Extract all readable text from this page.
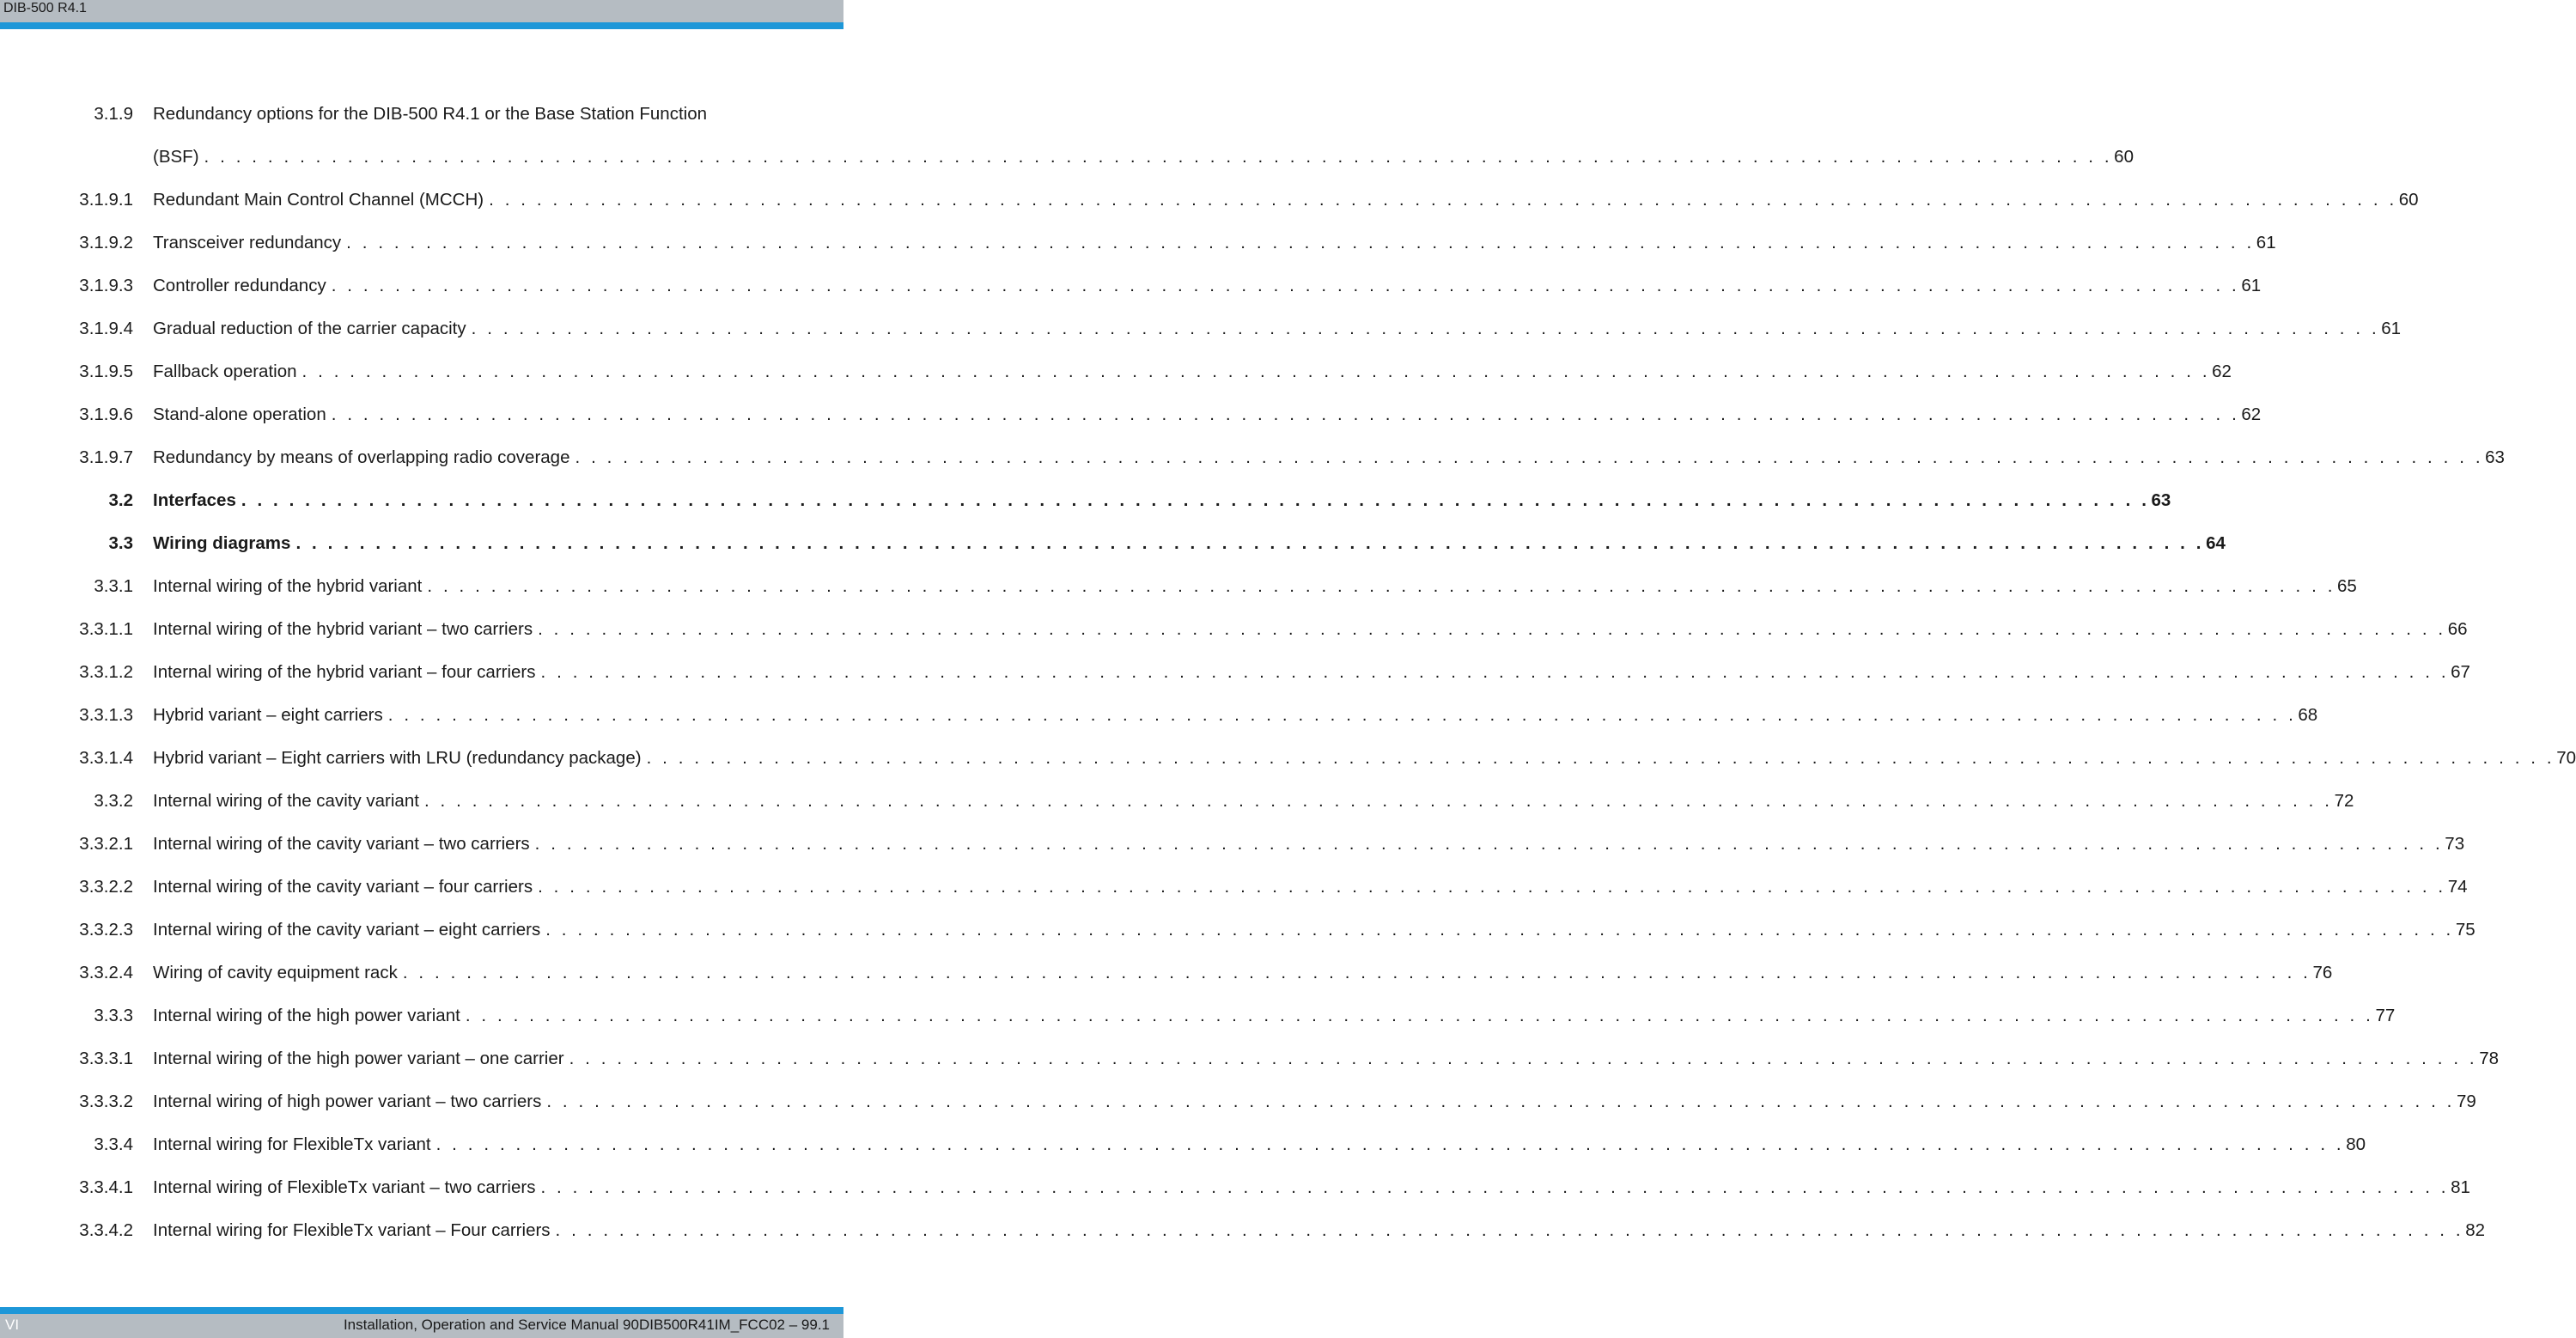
DIB-500 R4.1
3.1.9 Redundancy options for the DIB-500 R4.1 or the Base Station Function
(BSF) . . . . . . . . . . . . . . . . . . . . . . . . . . . . . . . . . . . . . . . . . . . . . . . . . . . . . . . . . . . . . . . . . . . . . . . . . . . . . . . . . . . . . . . . . . . . . . . . . . . . . . . . . . . . . . . . . . . . . . . . 60
3.1.9.1 Redundant Main Control Channel (MCCH) . . . . . . . . . . . . . . . . . . . . . . . . . . . . . . . . . . . . . . . . . . . . . . . . . . . . . . . . . . . . . . . . . . . . . . . . . . . . . . . . . . . . . . . . . . . . . . . . . . . . . . . . . . . . . . . . . . . . . . . . 60
3.1.9.2 Transceiver redundancy . . . . . . . . . . . . . . . . . . . . . . . . . . . . . . . . . . . . . . . . . . . . . . . . . . . . . . . . . . . . . . . . . . . . . . . . . . . . . . . . . . . . . . . . . . . . . . . . . . . . . . . . . . . . . . . . . . . . . . . . 61
3.1.9.3 Controller redundancy . . . . . . . . . . . . . . . . . . . . . . . . . . . . . . . . . . . . . . . . . . . . . . . . . . . . . . . . . . . . . . . . . . . . . . . . . . . . . . . . . . . . . . . . . . . . . . . . . . . . . . . . . . . . . . . . . . . . . . . . 61
3.1.9.4 Gradual reduction of the carrier capacity . . . . . . . . . . . . . . . . . . . . . . . . . . . . . . . . . . . . . . . . . . . . . . . . . . . . . . . . . . . . . . . . . . . . . . . . . . . . . . . . . . . . . . . . . . . . . . . . . . . . . . . . . . . . . . . . . . . . . . . . 61
3.1.9.5 Fallback operation . . . . . . . . . . . . . . . . . . . . . . . . . . . . . . . . . . . . . . . . . . . . . . . . . . . . . . . . . . . . . . . . . . . . . . . . . . . . . . . . . . . . . . . . . . . . . . . . . . . . . . . . . . . . . . . . . . . . . . . . 62
3.1.9.6 Stand-alone operation . . . . . . . . . . . . . . . . . . . . . . . . . . . . . . . . . . . . . . . . . . . . . . . . . . . . . . . . . . . . . . . . . . . . . . . . . . . . . . . . . . . . . . . . . . . . . . . . . . . . . . . . . . . . . . . . . . . . . . . . 62
3.1.9.7 Redundancy by means of overlapping radio coverage . . . . . . . . . . . . . . . . . . . . . . . . . . . . . . . . . . . . . . . . . . . . . . . . . . . . . . . . . . . . . . . . . . . . . . . . . . . . . . . . . . . . . . . . . . . . . . . . . . . . . . . . . . . . . . . . . . . . . . . . 63
3.2 Interfaces . . . . . . . . . . . . . . . . . . . . . . . . . . . . . . . . . . . . . . . . . . . . . . . . . . . . . . . . . . . . . . . . . . . . . . . . . . . . . . . . . . . . . . . . . . . . . . . . . . . . . . . . . . . . . . . . . . . . . . . . 63
3.3 Wiring diagrams . . . . . . . . . . . . . . . . . . . . . . . . . . . . . . . . . . . . . . . . . . . . . . . . . . . . . . . . . . . . . . . . . . . . . . . . . . . . . . . . . . . . . . . . . . . . . . . . . . . . . . . . . . . . . . . . . . . . . . . . 64
3.3.1 Internal wiring of the hybrid variant . . . . . . . . . . . . . . . . . . . . . . . . . . . . . . . . . . . . . . . . . . . . . . . . . . . . . . . . . . . . . . . . . . . . . . . . . . . . . . . . . . . . . . . . . . . . . . . . . . . . . . . . . . . . . . . . . . . . . . . . 65
3.3.1.1 Internal wiring of the hybrid variant – two carriers . . . . . . . . . . . . . . . . . . . . . . . . . . . . . . . . . . . . . . . . . . . . . . . . . . . . . . . . . . . . . . . . . . . . . . . . . . . . . . . . . . . . . . . . . . . . . . . . . . . . . . . . . . . . . . . . . . . . . . . . 66
3.3.1.2 Internal wiring of the hybrid variant – four carriers . . . . . . . . . . . . . . . . . . . . . . . . . . . . . . . . . . . . . . . . . . . . . . . . . . . . . . . . . . . . . . . . . . . . . . . . . . . . . . . . . . . . . . . . . . . . . . . . . . . . . . . . . . . . . . . . . . . . . . . . 67
3.3.1.3 Hybrid variant – eight carriers . . . . . . . . . . . . . . . . . . . . . . . . . . . . . . . . . . . . . . . . . . . . . . . . . . . . . . . . . . . . . . . . . . . . . . . . . . . . . . . . . . . . . . . . . . . . . . . . . . . . . . . . . . . . . . . . . . . . . . . . 68
3.3.1.4 Hybrid variant – Eight carriers with LRU (redundancy package) . . . . . . . . . . . . . . . . . . . . . . . . . . . . . . . . . . . . . . . . . . . . . . . . . . . . . . . . . . . . . . . . . . . . . . . . . . . . . . . . . . . . . . . . . . . . . . . . . . . . . . . . . . . . . . . . . . . . . . . . 70
3.3.2 Internal wiring of the cavity variant . . . . . . . . . . . . . . . . . . . . . . . . . . . . . . . . . . . . . . . . . . . . . . . . . . . . . . . . . . . . . . . . . . . . . . . . . . . . . . . . . . . . . . . . . . . . . . . . . . . . . . . . . . . . . . . . . . . . . . . . 72
3.3.2.1 Internal wiring of the cavity variant – two carriers . . . . . . . . . . . . . . . . . . . . . . . . . . . . . . . . . . . . . . . . . . . . . . . . . . . . . . . . . . . . . . . . . . . . . . . . . . . . . . . . . . . . . . . . . . . . . . . . . . . . . . . . . . . . . . . . . . . . . . . . 73
3.3.2.2 Internal wiring of the cavity variant – four carriers . . . . . . . . . . . . . . . . . . . . . . . . . . . . . . . . . . . . . . . . . . . . . . . . . . . . . . . . . . . . . . . . . . . . . . . . . . . . . . . . . . . . . . . . . . . . . . . . . . . . . . . . . . . . . . . . . . . . . . . . 74
3.3.2.3 Internal wiring of the cavity variant – eight carriers . . . . . . . . . . . . . . . . . . . . . . . . . . . . . . . . . . . . . . . . . . . . . . . . . . . . . . . . . . . . . . . . . . . . . . . . . . . . . . . . . . . . . . . . . . . . . . . . . . . . . . . . . . . . . . . . . . . . . . . . 75
3.3.2.4 Wiring of cavity equipment rack . . . . . . . . . . . . . . . . . . . . . . . . . . . . . . . . . . . . . . . . . . . . . . . . . . . . . . . . . . . . . . . . . . . . . . . . . . . . . . . . . . . . . . . . . . . . . . . . . . . . . . . . . . . . . . . . . . . . . . . . 76
3.3.3 Internal wiring of the high power variant . . . . . . . . . . . . . . . . . . . . . . . . . . . . . . . . . . . . . . . . . . . . . . . . . . . . . . . . . . . . . . . . . . . . . . . . . . . . . . . . . . . . . . . . . . . . . . . . . . . . . . . . . . . . . . . . . . . . . . . . 77
3.3.3.1 Internal wiring of the high power variant – one carrier . . . . . . . . . . . . . . . . . . . . . . . . . . . . . . . . . . . . . . . . . . . . . . . . . . . . . . . . . . . . . . . . . . . . . . . . . . . . . . . . . . . . . . . . . . . . . . . . . . . . . . . . . . . . . . . . . . . . . . . . 78
3.3.3.2 Internal wiring of high power variant – two carriers . . . . . . . . . . . . . . . . . . . . . . . . . . . . . . . . . . . . . . . . . . . . . . . . . . . . . . . . . . . . . . . . . . . . . . . . . . . . . . . . . . . . . . . . . . . . . . . . . . . . . . . . . . . . . . . . . . . . . . . . 79
3.3.4 Internal wiring for FlexibleTx variant . . . . . . . . . . . . . . . . . . . . . . . . . . . . . . . . . . . . . . . . . . . . . . . . . . . . . . . . . . . . . . . . . . . . . . . . . . . . . . . . . . . . . . . . . . . . . . . . . . . . . . . . . . . . . . . . . . . . . . . . 80
3.3.4.1 Internal wiring of FlexibleTx variant – two carriers . . . . . . . . . . . . . . . . . . . . . . . . . . . . . . . . . . . . . . . . . . . . . . . . . . . . . . . . . . . . . . . . . . . . . . . . . . . . . . . . . . . . . . . . . . . . . . . . . . . . . . . . . . . . . . . . . . . . . . . . 81
3.3.4.2 Internal wiring for FlexibleTx variant – Four carriers . . . . . . . . . . . . . . . . . . . . . . . . . . . . . . . . . . . . . . . . . . . . . . . . . . . . . . . . . . . . . . . . . . . . . . . . . . . . . . . . . . . . . . . . . . . . . . . . . . . . . . . . . . . . . . . . . . . . . . . . 82
VI	Installation, Operation and Service Manual 90DIB500R41IM_FCC02 – 99.1
